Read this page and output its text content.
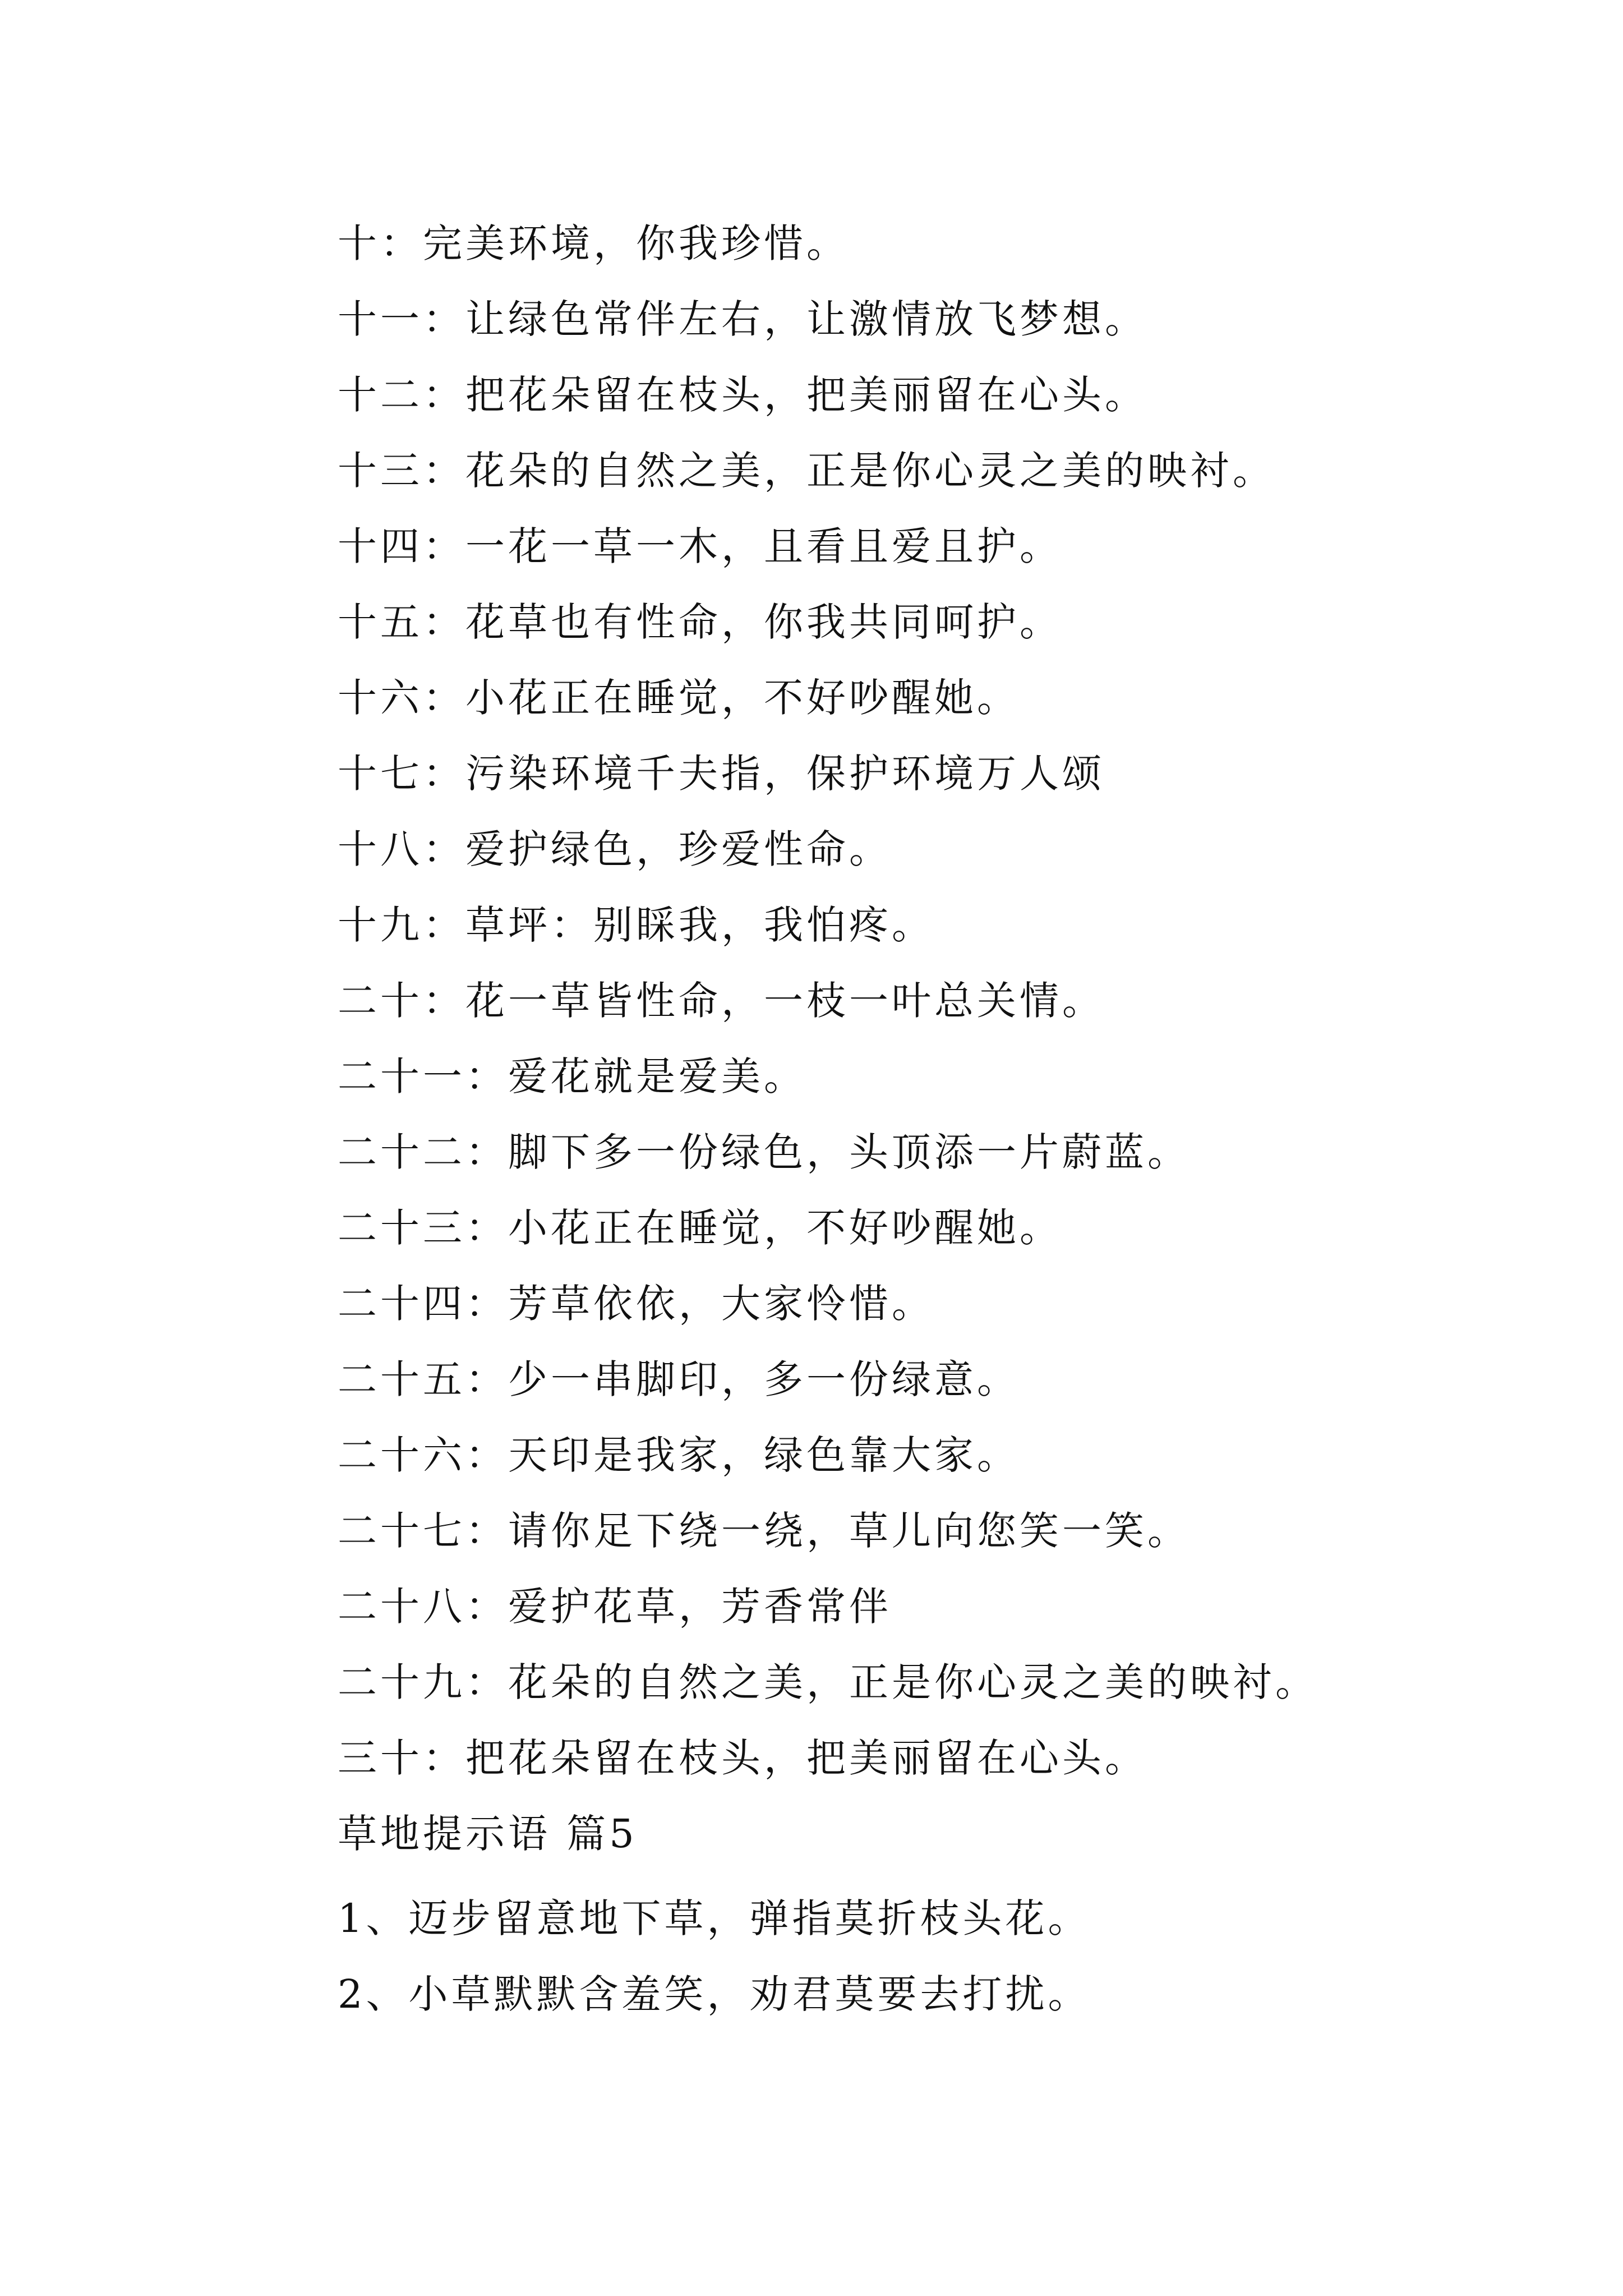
十：完美环境，你我珍惜。
十一：让绿色常伴左右，让激情放飞梦想。
十二：把花朵留在枝头，把美丽留在心头。
十三：花朵的自然之美，正是你心灵之美的映衬。
十四：一花一草一木，且看且爱且护。
十五：花草也有性命，你我共同呵护。
十六：小花正在睡觉，不好吵醒她。
十七：污染环境千夫指，保护环境万人颂
十八：爱护绿色，珍爱性命。
十九：草坪：别睬我，我怕疼。
二十：花一草皆性命，一枝一叶总关情。
二十一：爱花就是爱美。
二十二：脚下多一份绿色，头顶添一片蔚蓝。
二十三：小花正在睡觉，不好吵醒她。
二十四：芳草依依，大家怜惜。
二十五：少一串脚印，多一份绿意。
二十六：天印是我家，绿色靠大家。
二十七：请你足下绕一绕，草儿向您笑一笑。
二十八：爱护花草，芳香常伴
二十九：花朵的自然之美，正是你心灵之美的映衬。
三十：把花朵留在枝头，把美丽留在心头。
草地提示语 篇5
1、迈步留意地下草，弹指莫折枝头花。
2、小草默默含羞笑，劝君莫要去打扰。
